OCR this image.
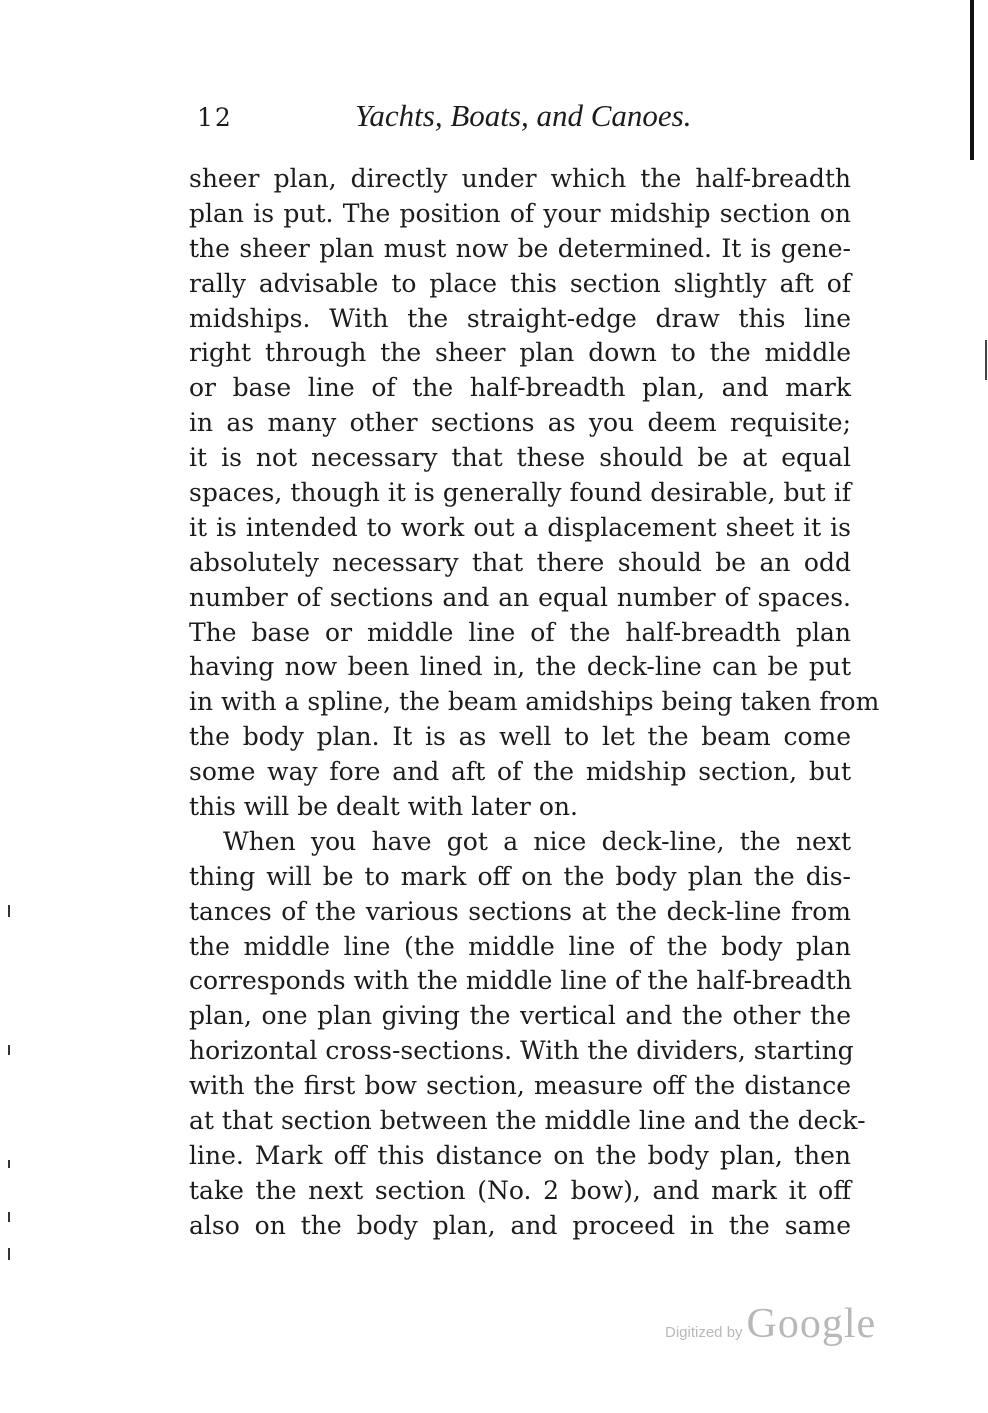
12	Yachts, Boats, and Canoes.
sheer plan, directly under which the half-breadth
plan is put. The position of your midship section on
the sheer plan must now be determined. It is gene-
rally advisable to place this section slightly aft of
midships. With the straight-edge draw this line
right through the sheer plan down to the middle
or base line of the half-breadth plan, and mark
in as many other sections as you deem requisite;
it is not necessary that these should be at equal
spaces, though it is generally found desirable, but if
it is intended to work out a displacement sheet it is
absolutely necessary that there should be an odd
number of sections and an equal number of spaces.
The base or middle line of the half-breadth plan
having now been lined in, the deck-line can be put
in with a spline, the beam amidships being taken from
the body plan. It is as well to let the beam come
some way fore and aft of the midship section, but
this will be dealt with later on.
When you have got a nice deck-line, the next
thing will be to mark off on the body plan the dis-
tances of the various sections at the deck-line from
the middle line (the middle line of the body plan
corresponds with the middle line of the half-breadth
plan, one plan giving the vertical and the other the
horizontal cross-sections. With the dividers, starting
with the first bow section, measure off the distance
at that section between the middle line and the deck-
line. Mark off this distance on the body plan, then
take the next section (No. 2 bow), and mark it off
also on the body plan, and proceed in the same
Digitized by Google
